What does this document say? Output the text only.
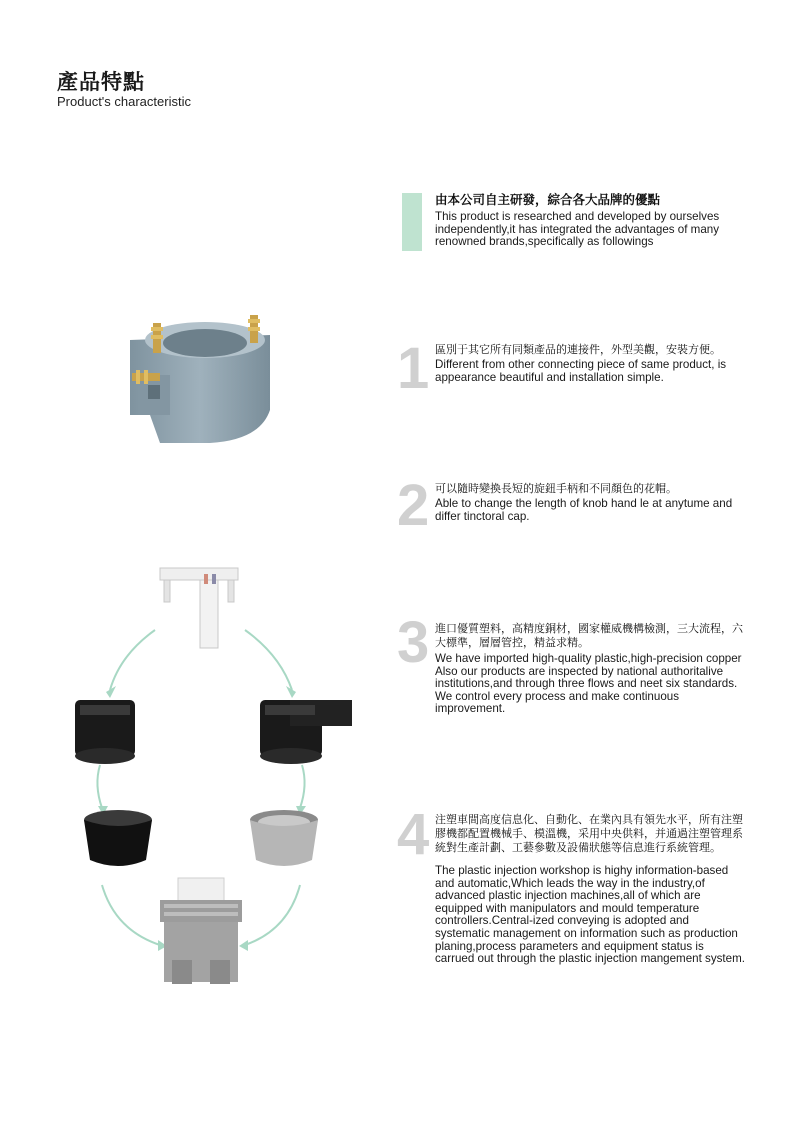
產品特點
Product's characteristic
由本公司自主研發，綜合各大品牌的優點
This product is researched and developed by ourselves independently,it has integrated the advantages of many renowned brands,specifically as followings
1 區別于其它所有同類產品的連接件，外型美觀，安裝方便。
Different from other connecting piece of same product, is appearance beautiful and installation simple.
2 可以隨時變換長短的旋鈕手柄和不同顏色的花帽。
Able to change the length of knob hand le at anytume and differ tinctoral cap.
3 進口優質塑料，高精度銅材，國家權威機構檢測，三大流程，六大標準，層層管控，精益求精。
We have imported high-quality plastic,high-precision copper Also our products are inspected by national authoritalive institutions,and through three flows and neet six standards. We control every process and make continuous improvement.
4 注塑車間高度信息化、自動化、在業內具有領先水平，所有注塑膠機都配置機械手、模溫機，采用中央供料，并通過注塑管理系統對生產計劃、工藝參數及設備狀態等信息進行系統管理。
The plastic injection workshop is highy information-based and automatic,Which leads the way in the industry,of advanced plastic injection machines,all of which are equipped with manipulators and mould temperature controllers.Central-ized conveying is adopted and systematic management on information such as production planing,process parameters and equipment status is carrued out through the plastic injection mangement system.
